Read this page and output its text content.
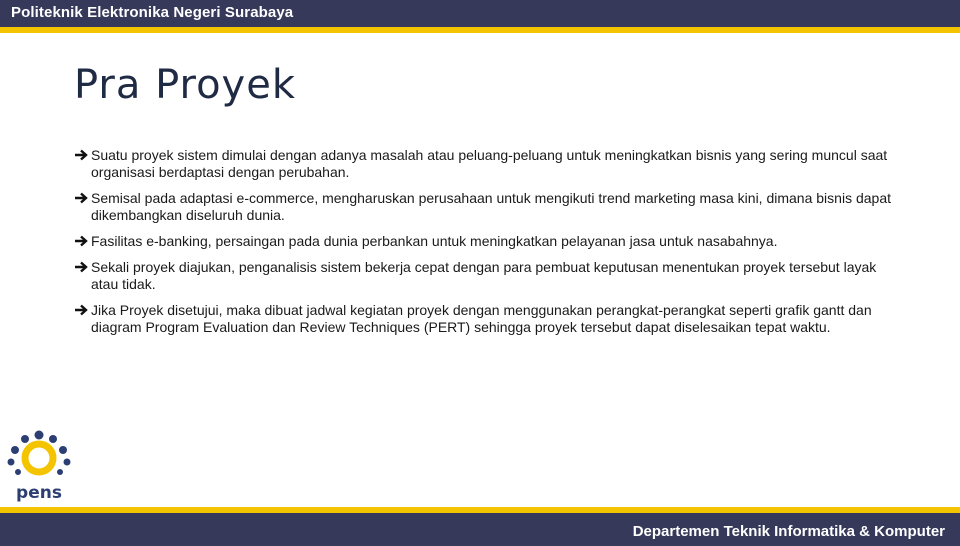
Politeknik Elektronika Negeri Surabaya
Pra Proyek
Suatu proyek sistem dimulai dengan adanya masalah atau peluang-peluang untuk meningkatkan bisnis yang sering muncul saat organisasi berdaptasi dengan perubahan.
Semisal pada adaptasi e-commerce, mengharuskan perusahaan untuk mengikuti trend marketing masa kini, dimana bisnis dapat dikembangkan diseluruh dunia.
Fasilitas e-banking, persaingan pada dunia perbankan untuk meningkatkan pelayanan jasa untuk nasabahnya.
Sekali proyek diajukan, penganalisis sistem bekerja cepat dengan para pembuat keputusan menentukan proyek tersebut layak atau tidak.
Jika Proyek disetujui, maka dibuat jadwal kegiatan proyek dengan menggunakan perangkat-perangkat seperti grafik gantt dan diagram Program Evaluation dan Review Techniques (PERT) sehingga proyek tersebut dapat diselesaikan tepat waktu.
pens
Departemen Teknik Informatika & Komputer
